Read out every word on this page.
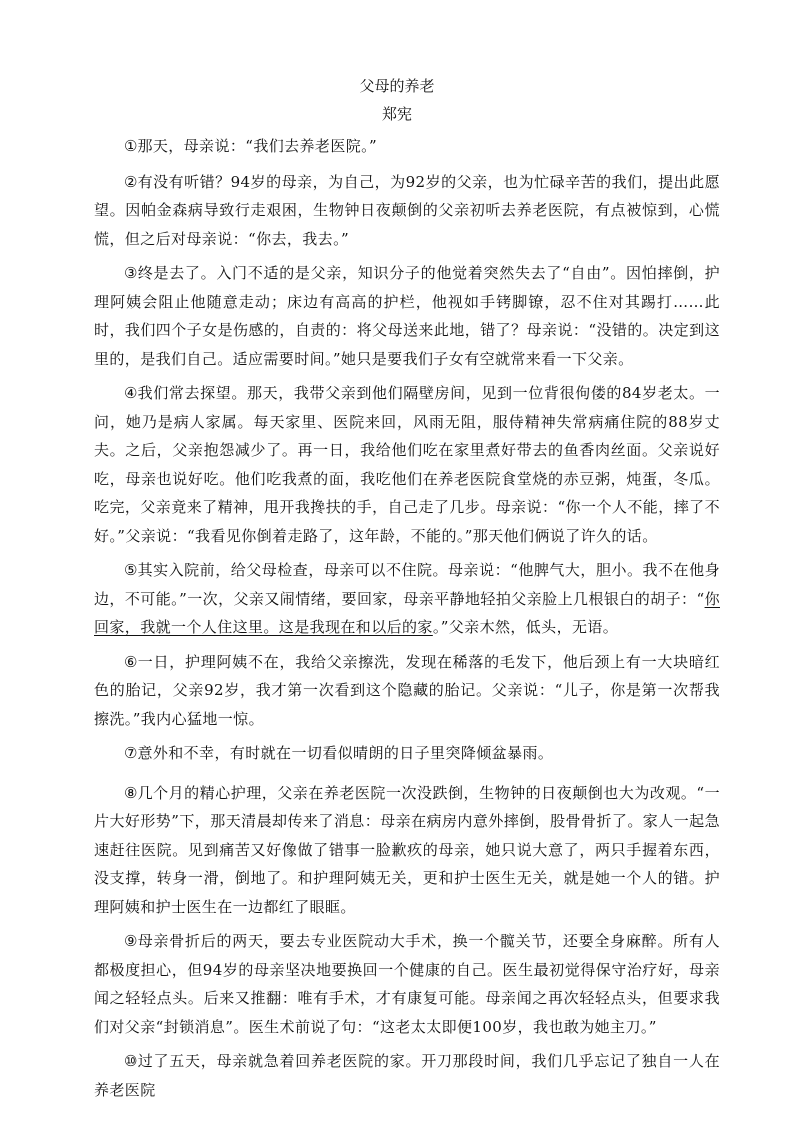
父母的养老
郑宪

①那天，母亲说：“我们去养老医院。”

②有没有听错？94岁的母亲，为自己，为92岁的父亲，也为忙碌辛苦的我们，提出此愿望。因帕金森病导致行走艰困，生物钟日夜颠倒的父亲初听去养老医院，有点被惊到，心慌慌，但之后对母亲说：“你去，我去。”

③终是去了。入门不适的是父亲，知识分子的他觉着突然失去了“自由”。因怕摔倒，护理阿姨会阻止他随意走动；床边有高高的护栏，他视如手铐脚镣，忍不住对其踢打……此时，我们四个子女是伤感的，自责的：将父母送来此地，错了？母亲说：“没错的。决定到这里的，是我们自己。适应需要时间。”她只是要我们子女有空就常来看一下父亲。

④我们常去探望。那天，我带父亲到他们隔壁房间，见到一位背很佝偻的84岁老太。一问，她乃是病人家属。每天家里、医院来回，风雨无阻，服侍精神失常病痛住院的88岁丈夫。之后，父亲抱怨减少了。再一日，我给他们吃在家里煮好带去的鱼香肉丝面。父亲说好吃，母亲也说好吃。他们吃我煮的面，我吃他们在养老医院食堂烧的赤豆粥，炖蛋，冬瓜。吃完，父亲竟来了精神，甩开我搀扶的手，自己走了几步。母亲说：“你一个人不能，摔了不好。”父亲说：“我看见你倒着走路了，这年龄，不能的。”那天他们俩说了许久的话。

⑤其实入院前，给父母检查，母亲可以不住院。母亲说：“他脾气大，胆小。我不在他身边，不可能。”一次，父亲又闹情绪，要回家，母亲平静地轻拍父亲脸上几根银白的胡子：“你回家，我就一个人住这里。这是我现在和以后的家。”父亲木然，低头，无语。

⑥一日，护理阿姨不在，我给父亲擦洗，发现在稀落的毛发下，他后颈上有一大块暗红色的胎记，父亲92岁，我才第一次看到这个隐藏的胎记。父亲说：“儿子，你是第一次帮我擦洗。”我内心猛地一惊。

⑦意外和不幸，有时就在一切看似晴朗的日子里突降倾盆暴雨。

⑧几个月的精心护理，父亲在养老医院一次没跌倒，生物钟的日夜颠倒也大为改观。“一片大好形势”下，那天清晨却传来了消息：母亲在病房内意外摔倒，股骨骨折了。家人一起急速赶往医院。见到痛苦又好像做了错事一脸歉疚的母亲，她只说大意了，两只手握着东西，没支撑，转身一滑，倒地了。和护理阿姨无关，更和护士医生无关，就是她一个人的错。护理阿姨和护士医生在一边都红了眼眶。

⑨母亲骨折后的两天，要去专业医院动大手术，换一个髋关节，还要全身麻醉。所有人都极度担心，但94岁的母亲坚决地要换回一个健康的自己。医生最初觉得保守治疗好，母亲闻之轻轻点头。后来又推翻：唯有手术，才有康复可能。母亲闻之再次轻轻点头，但要求我们对父亲“封锁消息”。医生术前说了句：“这老太太即便100岁，我也敢为她主刀。”

⑩过了五天，母亲就急着回养老医院的家。开刀那段时间，我们几乎忘记了独自一人在养老医院
